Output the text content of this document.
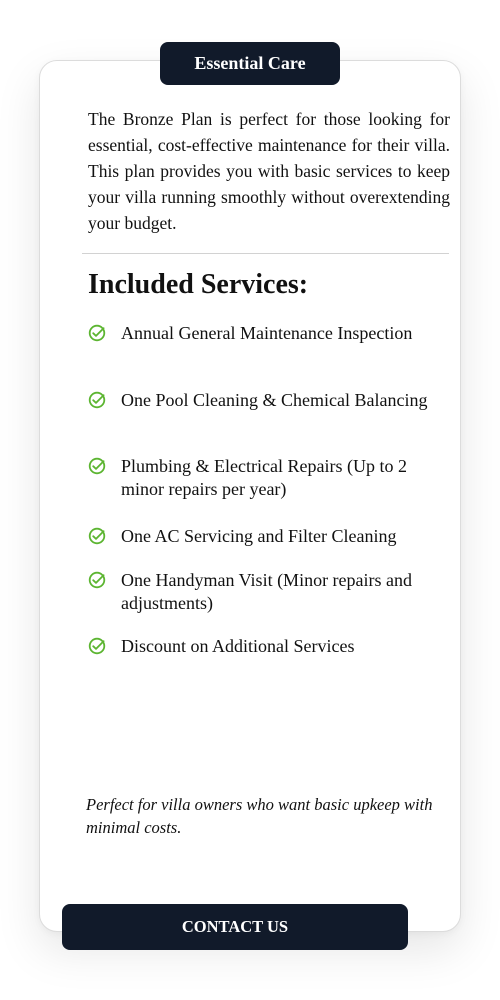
Essential Care
The Bronze Plan is perfect for those looking for essential, cost-effective maintenance for their villa. This plan provides you with basic services to keep your villa running smoothly without overextending your budget.
Included Services:
Annual General Maintenance Inspection
One Pool Cleaning & Chemical Balancing
Plumbing & Electrical Repairs (Up to 2 minor repairs per year)
One AC Servicing and Filter Cleaning
One Handyman Visit (Minor repairs and adjustments)
Discount on Additional Services
Perfect for villa owners who want basic upkeep with minimal costs.
CONTACT US
